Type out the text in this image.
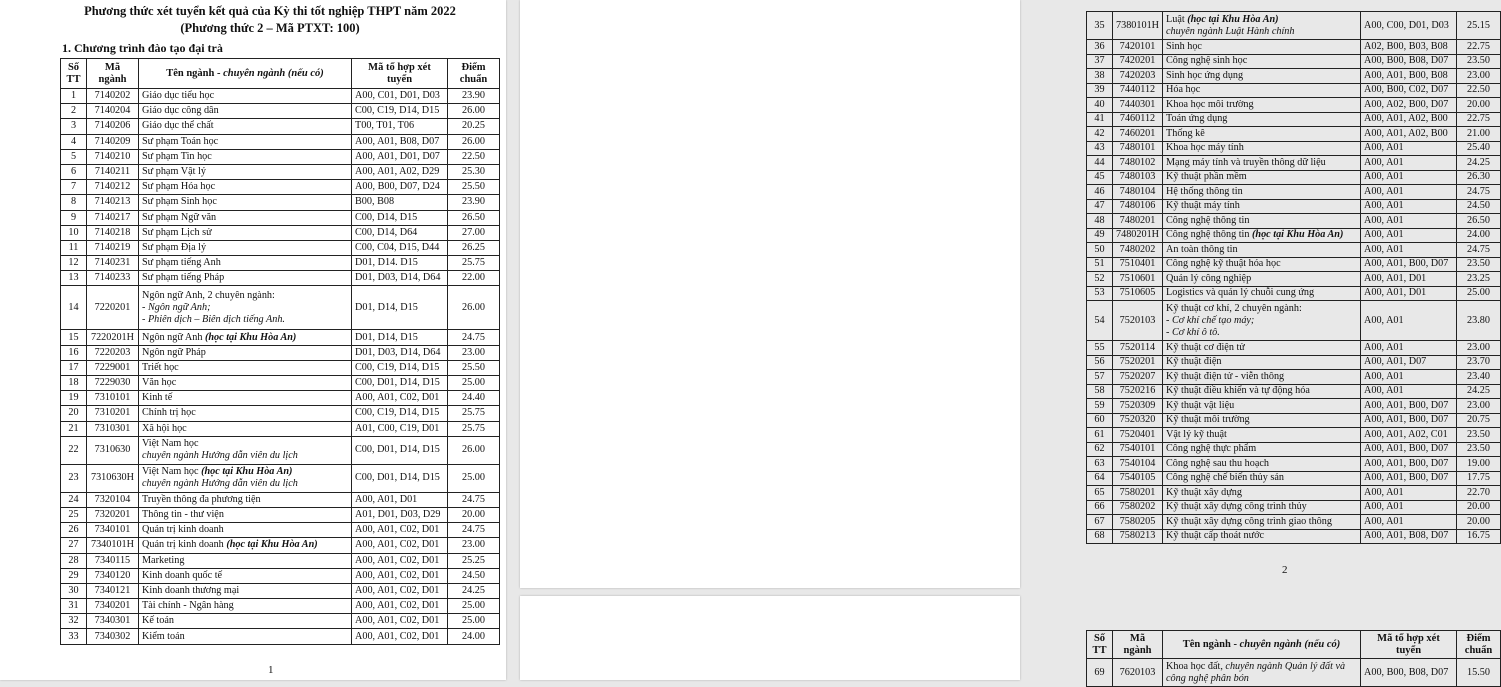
Phương thức xét tuyển kết quả của Kỳ thi tốt nghiệp THPT năm 2022
(Phương thức 2 – Mã PTXT: 100)
1. Chương trình đào tạo đại trà
Số TT	Mã ngành	Tên ngành - chuyên ngành (nếu có)	Mã tổ hợp xét tuyển	Điểm chuẩn
1	7140202	Giáo dục tiểu học	A00, C01, D01, D03	23.90
2	7140204	Giáo dục công dân	C00, C19, D14, D15	26.00
3	7140206	Giáo dục thể chất	T00, T01, T06	20.25
4	7140209	Sư phạm Toán học	A00, A01, B08, D07	26.00
5	7140210	Sư phạm Tin học	A00, A01, D01, D07	22.50
6	7140211	Sư phạm Vật lý	A00, A01, A02, D29	25.30
7	7140212	Sư phạm Hóa học	A00, B00, D07, D24	25.50
8	7140213	Sư phạm Sinh học	B00, B08	23.90
9	7140217	Sư phạm Ngữ văn	C00, D14, D15	26.50
10	7140218	Sư phạm Lịch sử	C00, D14, D64	27.00
11	7140219	Sư phạm Địa lý	C00, C04, D15, D44	26.25
12	7140231	Sư phạm tiếng Anh	D01, D14. D15	25.75
13	7140233	Sư phạm tiếng Pháp	D01, D03, D14, D64	22.00
14	7220201	Ngôn ngữ Anh, 2 chuyên ngành:
- Ngôn ngữ Anh;
- Phiên dịch – Biên dịch tiếng Anh.	D01, D14, D15	26.00
15	7220201H	Ngôn ngữ Anh (học tại Khu Hòa An)	D01, D14, D15	24.75
16	7220203	Ngôn ngữ Pháp	D01, D03, D14, D64	23.00
17	7229001	Triết học	C00, C19, D14, D15	25.50
18	7229030	Văn học	C00, D01, D14, D15	25.00
19	7310101	Kinh tế	A00, A01, C02, D01	24.40
20	7310201	Chính trị học	C00, C19, D14, D15	25.75
21	7310301	Xã hội học	A01, C00, C19, D01	25.75
22	7310630	Việt Nam học
chuyên ngành Hướng dẫn viên du lịch	C00, D01, D14, D15	26.00
23	7310630H	Việt Nam học (học tại Khu Hòa An)
chuyên ngành Hướng dẫn viên du lịch	C00, D01, D14, D15	25.00
24	7320104	Truyền thông đa phương tiện	A00, A01, D01	24.75
25	7320201	Thông tin - thư viện	A01, D01, D03, D29	20.00
26	7340101	Quản trị kinh doanh	A00, A01, C02, D01	24.75
27	7340101H	Quản trị kinh doanh (học tại Khu Hòa An)	A00, A01, C02, D01	23.00
28	7340115	Marketing	A00, A01, C02, D01	25.25
29	7340120	Kinh doanh quốc tế	A00, A01, C02, D01	24.50
30	7340121	Kinh doanh thương mại	A00, A01, C02, D01	24.25
31	7340201	Tài chính - Ngân hàng	A00, A01, C02, D01	25.00
32	7340301	Kế toán	A00, A01, C02, D01	25.00
33	7340302	Kiểm toán	A00, A01, C02, D01	24.00
1
35	7380101H	Luật (học tại Khu Hòa An)
chuyên ngành Luật Hành chính	A00, C00, D01, D03	25.15
36	7420101	Sinh học	A02, B00, B03, B08	22.75
37	7420201	Công nghệ sinh học	A00, B00, B08, D07	23.50
38	7420203	Sinh học ứng dụng	A00, A01, B00, B08	23.00
39	7440112	Hóa học	A00, B00, C02, D07	22.50
40	7440301	Khoa học môi trường	A00, A02, B00, D07	20.00
41	7460112	Toán ứng dụng	A00, A01, A02, B00	22.75
42	7460201	Thống kê	A00, A01, A02, B00	21.00
43	7480101	Khoa học máy tính	A00, A01	25.40
44	7480102	Mạng máy tính và truyền thông dữ liệu	A00, A01	24.25
45	7480103	Kỹ thuật phần mềm	A00, A01	26.30
46	7480104	Hệ thống thông tin	A00, A01	24.75
47	7480106	Kỹ thuật máy tính	A00, A01	24.50
48	7480201	Công nghệ thông tin	A00, A01	26.50
49	7480201H	Công nghệ thông tin (học tại Khu Hòa An)	A00, A01	24.00
50	7480202	An toàn thông tin	A00, A01	24.75
51	7510401	Công nghệ kỹ thuật hóa học	A00, A01, B00, D07	23.50
52	7510601	Quản lý công nghiệp	A00, A01, D01	23.25
53	7510605	Logistics và quản lý chuỗi cung ứng	A00, A01, D01	25.00
54	7520103	Kỹ thuật cơ khí, 2 chuyên ngành:
- Cơ khí chế tạo máy;
- Cơ khí ô tô.	A00, A01	23.80
55	7520114	Kỹ thuật cơ điện tử	A00, A01	23.00
56	7520201	Kỹ thuật điện	A00, A01, D07	23.70
57	7520207	Kỹ thuật điện tử - viễn thông	A00, A01	23.40
58	7520216	Kỹ thuật điều khiển và tự động hóa	A00, A01	24.25
59	7520309	Kỹ thuật vật liệu	A00, A01, B00, D07	23.00
60	7520320	Kỹ thuật môi trường	A00, A01, B00, D07	20.75
61	7520401	Vật lý kỹ thuật	A00, A01, A02, C01	23.50
62	7540101	Công nghệ thực phẩm	A00, A01, B00, D07	23.50
63	7540104	Công nghệ sau thu hoạch	A00, A01, B00, D07	19.00
64	7540105	Công nghệ chế biến thủy sản	A00, A01, B00, D07	17.75
65	7580201	Kỹ thuật xây dựng	A00, A01	22.70
66	7580202	Kỹ thuật xây dựng công trình thủy	A00, A01	20.00
67	7580205	Kỹ thuật xây dựng công trình giao thông	A00, A01	20.00
68	7580213	Kỹ thuật cấp thoát nước	A00, A01, B08, D07	16.75
2
Số TT	Mã ngành	Tên ngành - chuyên ngành (nếu có)	Mã tổ hợp xét tuyển	Điểm chuẩn
69	7620103	Khoa học đất, chuyên ngành Quản lý đất và
công nghệ phân bón	A00, B00, B08, D07	15.50
